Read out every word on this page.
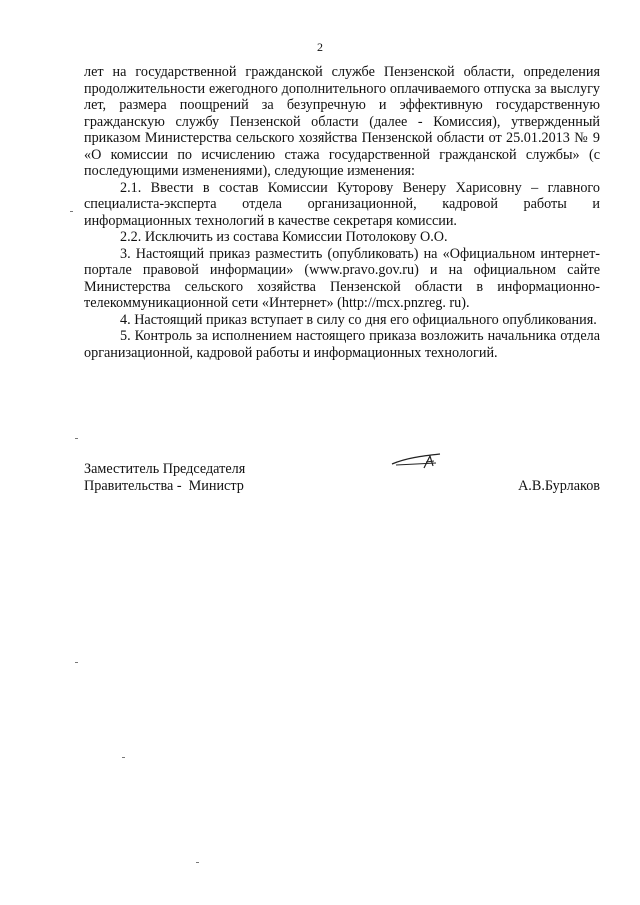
2

лет на государственной гражданской службе Пензенской области, определения продолжительности ежегодного дополнительного оплачиваемого отпуска за выслугу лет, размера поощрений за безупречную и эффективную государственную гражданскую службу Пензенской области (далее - Комиссия), утвержденный приказом Министерства сельского хозяйства Пензенской области от 25.01.2013 № 9 «О комиссии по исчислению стажа государственной гражданской службы» (с последующими изменениями), следующие изменения:

2.1. Ввести в состав Комиссии Куторову Венеру Харисовну – главного специалиста-эксперта отдела организационной, кадровой работы и информационных технологий в качестве секретаря комиссии.

2.2. Исключить из состава Комиссии Потолокову О.О.

3. Настоящий приказ разместить (опубликовать) на «Официальном интернет-портале правовой информации» (www.pravo.gov.ru) и на официальном сайте Министерства сельского хозяйства Пензенской области в информационно-телекоммуникационной сети «Интернет» (http://mcx.pnzreg. ru).

4. Настоящий приказ вступает в силу со дня его официального опубликования.

5. Контроль за исполнением настоящего приказа возложить начальника отдела организационной, кадровой работы и информационных технологий.

Заместитель Председателя
Правительства -  Министр	А.В.Бурлаков
